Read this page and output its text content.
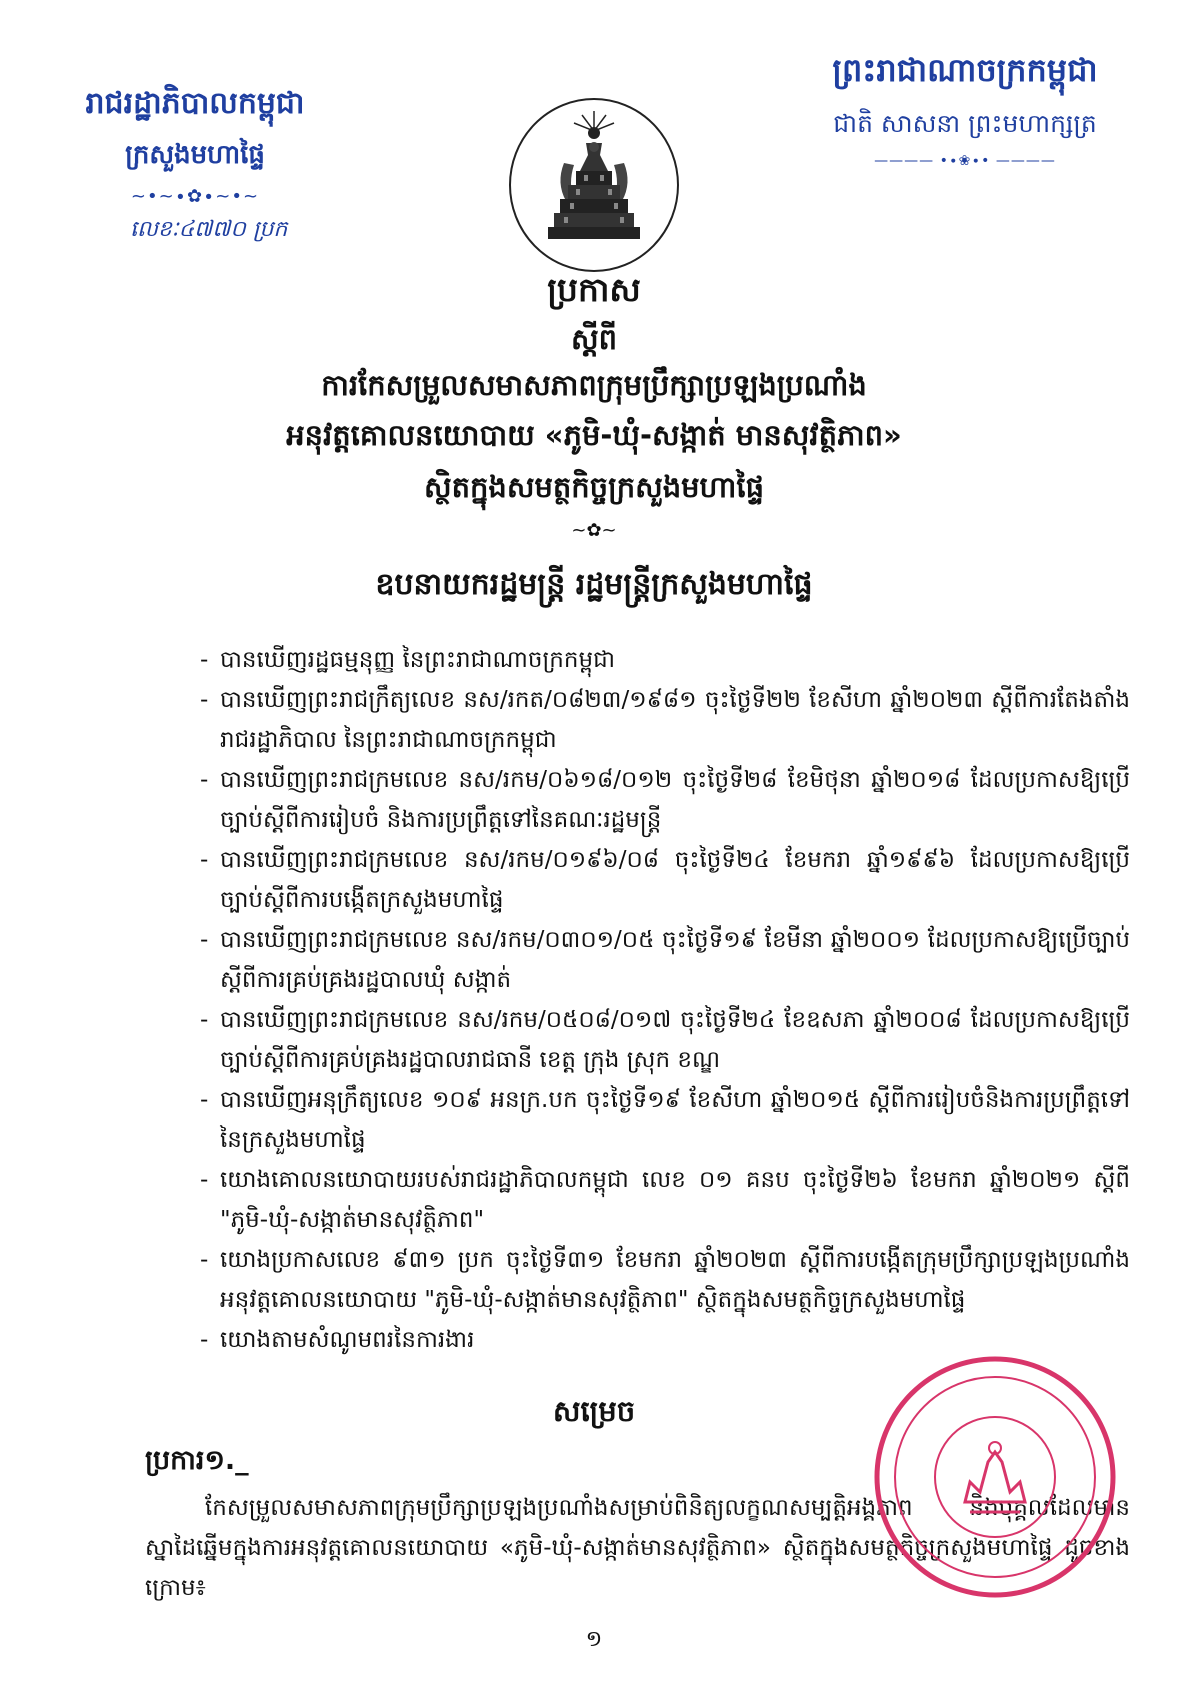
រាជរដ្ឋាភិបាលកម្ពុជា
ក្រសួងមហាផ្ទៃ
~•~∙✿∙~•~
លេខៈ៤៧៧០ ប្រក
ព្រះរាជាណាចក្រកម្ពុជា
ជាតិ សាសនា ព្រះមហាក្សត្រ
———— •∙❀∙• ————
ប្រកាស
ស្តីពី
ការកែសម្រួលសមាសភាពក្រុមប្រឹក្សាប្រឡងប្រណាំង
អនុវត្តគោលនយោបាយ «ភូមិ-ឃុំ-សង្កាត់ មានសុវត្ថិភាព»
ស្ថិតក្នុងសមត្ថកិច្ចក្រសួងមហាផ្ទៃ
~✿~
ឧបនាយករដ្ឋមន្ត្រី រដ្ឋមន្ត្រីក្រសួងមហាផ្ទៃ
- បានឃើញរដ្ឋធម្មនុញ្ញ នៃព្រះរាជាណាចក្រកម្ពុជា
- បានឃើញព្រះរាជក្រឹត្យលេខ នស/រកត/០៨២៣/១៩៨១ ចុះថ្ងៃទី២២ ខែសីហា ឆ្នាំ២០២៣ ស្តីពីការតែងតាំងរាជរដ្ឋាភិបាល នៃព្រះរាជាណាចក្រកម្ពុជា
- បានឃើញព្រះរាជក្រមលេខ នស/រកម/០៦១៨/០១២ ចុះថ្ងៃទី២៨ ខែមិថុនា ឆ្នាំ២០១៨ ដែលប្រកាសឱ្យប្រើច្បាប់ស្តីពីការរៀបចំ និងការប្រព្រឹត្តទៅនៃគណៈរដ្ឋមន្ត្រី
- បានឃើញព្រះរាជក្រមលេខ នស/រកម/០១៩៦/០៨ ចុះថ្ងៃទី២៤ ខែមករា ឆ្នាំ១៩៩៦ ដែលប្រកាសឱ្យប្រើច្បាប់ស្តីពីការបង្កើតក្រសួងមហាផ្ទៃ
- បានឃើញព្រះរាជក្រមលេខ នស/រកម/០៣០១/០៥ ចុះថ្ងៃទី១៩ ខែមីនា ឆ្នាំ២០០១ ដែលប្រកាសឱ្យប្រើច្បាប់ស្តីពីការគ្រប់គ្រងរដ្ឋបាលឃុំ សង្កាត់
- បានឃើញព្រះរាជក្រមលេខ នស/រកម/០៥០៨/០១៧ ចុះថ្ងៃទី២៤ ខែឧសភា ឆ្នាំ២០០៨ ដែលប្រកាសឱ្យប្រើច្បាប់ស្តីពីការគ្រប់គ្រងរដ្ឋបាលរាជធានី ខេត្ត ក្រុង ស្រុក ខណ្ឌ
- បានឃើញអនុក្រឹត្យលេខ ១០៩ អនក្រ.បក ចុះថ្ងៃទី១៩ ខែសីហា ឆ្នាំ២០១៥ ស្តីពីការរៀបចំនិងការប្រព្រឹត្តទៅនៃក្រសួងមហាផ្ទៃ
- យោងគោលនយោបាយរបស់រាជរដ្ឋាភិបាលកម្ពុជា លេខ ០១ គនប ចុះថ្ងៃទី២៦ ខែមករា ឆ្នាំ២០២១ ស្តីពី "ភូមិ-ឃុំ-សង្កាត់មានសុវត្ថិភាព"
- យោងប្រកាសលេខ ៩៣១ ប្រក ចុះថ្ងៃទី៣១ ខែមករា ឆ្នាំ២០២៣ ស្តីពីការបង្កើតក្រុមប្រឹក្សាប្រឡងប្រណាំងអនុវត្តគោលនយោបាយ "ភូមិ-ឃុំ-សង្កាត់មានសុវត្ថិភាព" ស្ថិតក្នុងសមត្ថកិច្ចក្រសួងមហាផ្ទៃ
- យោងតាមសំណូមពរនៃការងារ
សម្រេច
ប្រការ១._
កែសម្រួលសមាសភាពក្រុមប្រឹក្សាប្រឡងប្រណាំងសម្រាប់ពិនិត្យលក្ខណសម្បត្តិអង្គភាព និងបុគ្គលដែលមានស្នាដៃឆ្នើមក្នុងការអនុវត្តគោលនយោបាយ «ភូមិ-ឃុំ-សង្កាត់មានសុវត្ថិភាព» ស្ថិតក្នុងសមត្ថកិច្ចក្រសួងមហាផ្ទៃ ដូចខាងក្រោម៖
១
